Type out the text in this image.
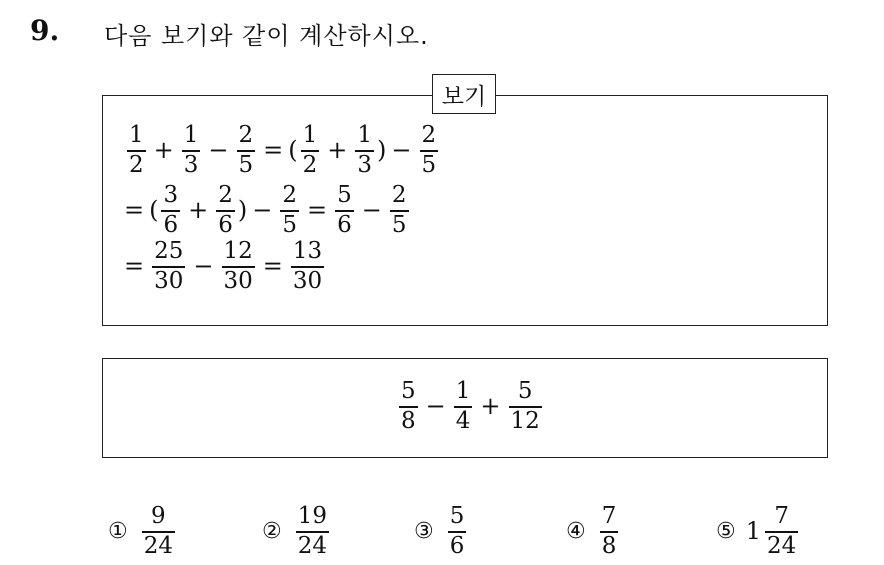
9. 다음 보기와 같이 계산하시오.
보기
$\frac{1}{2} + \frac{1}{3} - \frac{2}{5}$ = ( $\frac{1}{2} + \frac{1}{3}$ ) − $\frac{2}{5}$
= ( $\frac{3}{6} + \frac{2}{6}$ ) − $\frac{2}{5} = \frac{5}{6} - \frac{2}{5}$
= $\frac{25}{30} - \frac{12}{30} = \frac{13}{30}$
$\frac{5}{8} - \frac{1}{4} + \frac{5}{12}$
① $\frac{9}{24}$	② $\frac{19}{24}$	③ $\frac{5}{6}$	④ $\frac{7}{8}$	⑤ $1 \frac{7}{24}$
